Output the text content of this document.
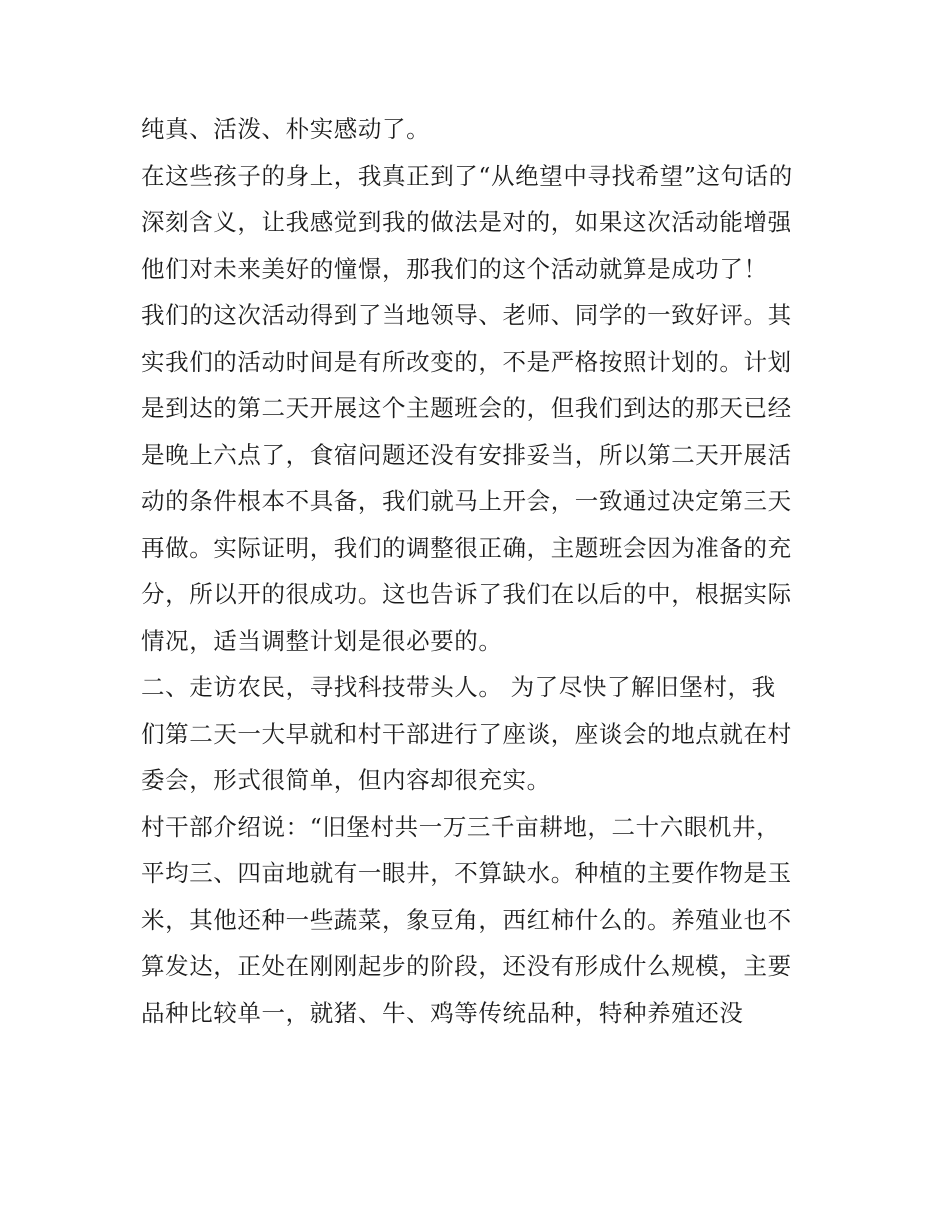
纯真、活泼、朴实感动了。

在这些孩子的身上，我真正到了“从绝望中寻找希望”这句话的

深刻含义，让我感觉到我的做法是对的，如果这次活动能增强

他们对未来美好的憧憬，那我们的这个活动就算是成功了！

我们的这次活动得到了当地领导、老师、同学的一致好评。其

实我们的活动时间是有所改变的，不是严格按照计划的。计划

是到达的第二天开展这个主题班会的，但我们到达的那天已经

是晚上六点了，食宿问题还没有安排妥当，所以第二天开展活

动的条件根本不具备，我们就马上开会，一致通过决定第三天

再做。实际证明，我们的调整很正确，主题班会因为准备的充

分，所以开的很成功。这也告诉了我们在以后的中，根据实际

情况，适当调整计划是很必要的。

二、走访农民，寻找科技带头人。 为了尽快了解旧堡村，我

们第二天一大早就和村干部进行了座谈，座谈会的地点就在村

委会，形式很简单，但内容却很充实。

村干部介绍说：“旧堡村共一万三千亩耕地，二十六眼机井，

平均三、四亩地就有一眼井，不算缺水。种植的主要作物是玉

米，其他还种一些蔬菜，象豆角，西红柿什么的。养殖业也不

算发达，正处在刚刚起步的阶段，还没有形成什么规模，主要

品种比较单一，就猪、牛、鸡等传统品种，特种养殖还没
